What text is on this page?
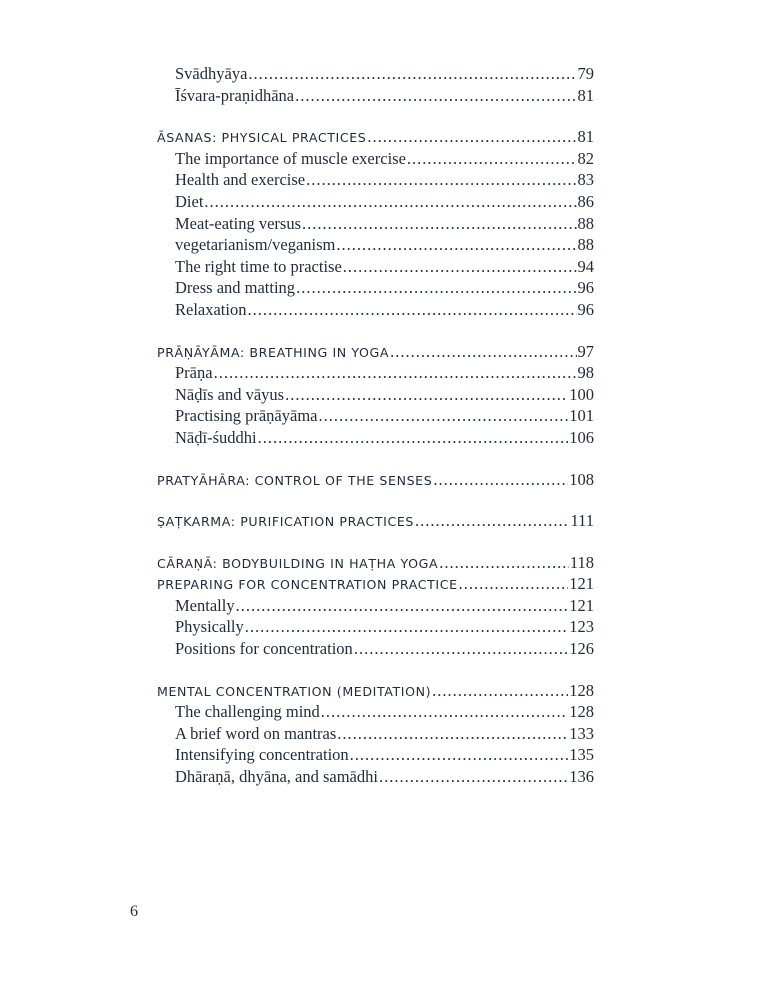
Svādhyāya .....	79
Īśvara-praṇidhāna .....	81
ĀSANAS: PHYSICAL PRACTICES .....	81
The importance of muscle exercise .....	82
Health and exercise .....	83
Diet .....	86
Meat-eating versus .....	88
vegetarianism/veganism .....	88
The right time to practise .....	94
Dress and matting .....	96
Relaxation .....	96
PRĀṆĀYĀMA: BREATHING IN YOGA .....	97
Prāṇa .....	98
Nāḍīs and vāyus .....	100
Practising prāṇāyāma .....	101
Nāḍī-śuddhi .....	106
PRATYĀHĀRA: CONTROL OF THE SENSES .....	108
ṢAṬKARMA: PURIFICATION PRACTICES .....	111
CĀRAṆĀ: BODYBUILDING IN HAṬHA YOGA .....	118
PREPARING FOR CONCENTRATION PRACTICE .....	121
Mentally .....	121
Physically .....	123
Positions for concentration .....	126
MENTAL CONCENTRATION (MEDITATION) .....	128
The challenging mind .....	128
A brief word on mantras .....	133
Intensifying concentration .....	135
Dhāraṇā, dhyāna, and samādhi .....	136
6
